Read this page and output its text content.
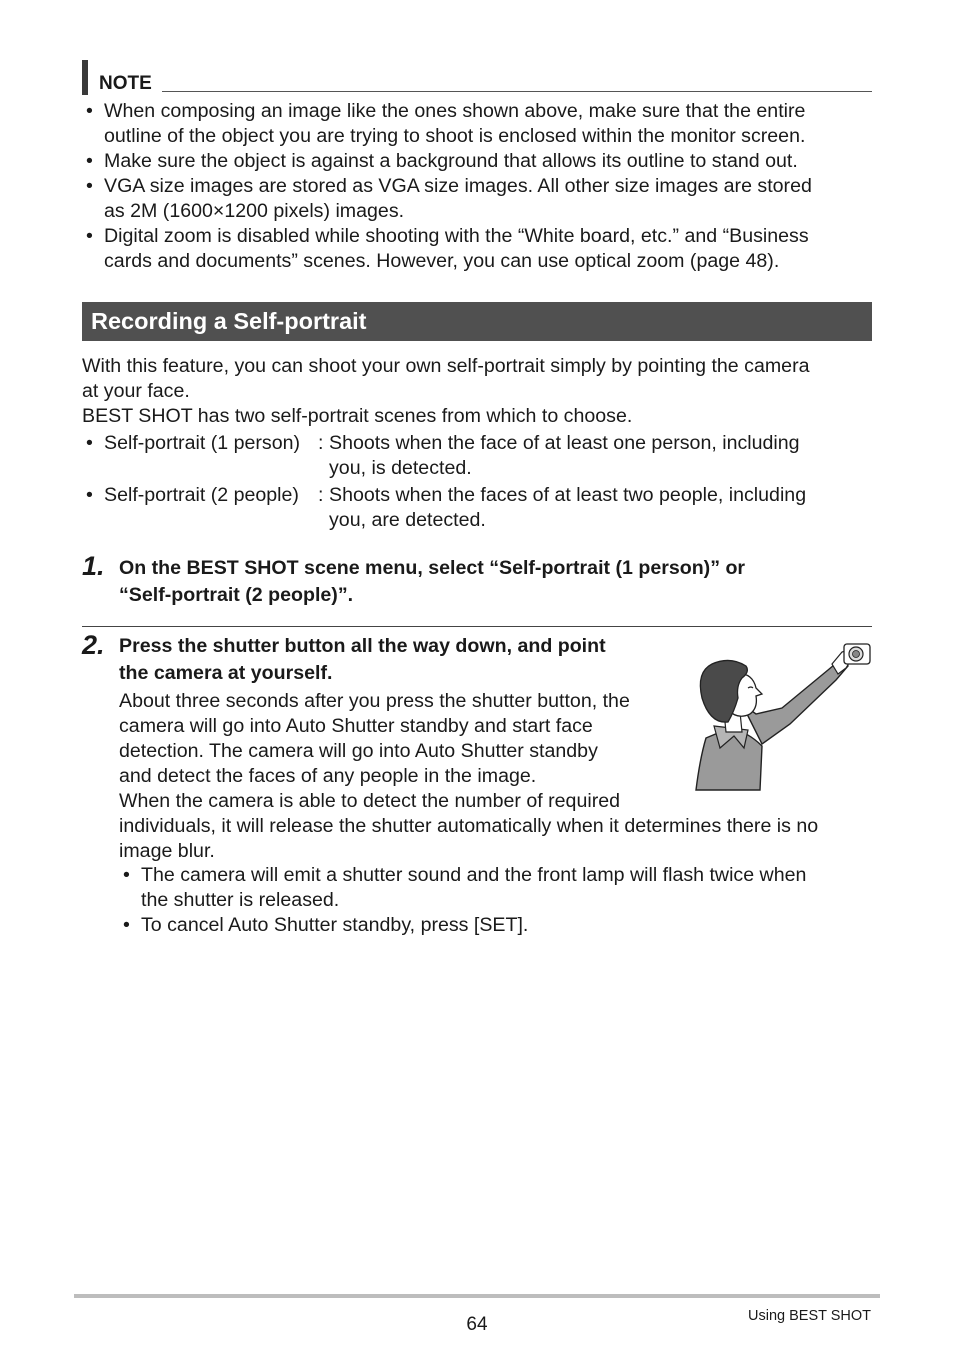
NOTE
• When composing an image like the ones shown above, make sure that the entire
outline of the object you are trying to shoot is enclosed within the monitor screen.
• Make sure the object is against a background that allows its outline to stand out.
• VGA size images are stored as VGA size images. All other size images are stored
as 2M (1600×1200 pixels) images.
• Digital zoom is disabled while shooting with the “White board, etc.” and “Business
cards and documents” scenes. However, you can use optical zoom (page 48).
Recording a Self-portrait
With this feature, you can shoot your own self-portrait simply by pointing the camera
at your face.
BEST SHOT has two self-portrait scenes from which to choose.
• Self-portrait (1 person) : Shoots when the face of at least one person, including
you, is detected.
• Self-portrait (2 people) : Shoots when the faces of at least two people, including
you, are detected.
1. On the BEST SHOT scene menu, select “Self-portrait (1 person)” or
“Self-portrait (2 people)”.
2. Press the shutter button all the way down, and point
the camera at yourself.
About three seconds after you press the shutter button, the
camera will go into Auto Shutter standby and start face
detection. The camera will go into Auto Shutter standby
and detect the faces of any people in the image.
When the camera is able to detect the number of required
individuals, it will release the shutter automatically when it determines there is no
image blur.
• The camera will emit a shutter sound and the front lamp will flash twice when
the shutter is released.
• To cancel Auto Shutter standby, press [SET].
64	Using BEST SHOT
